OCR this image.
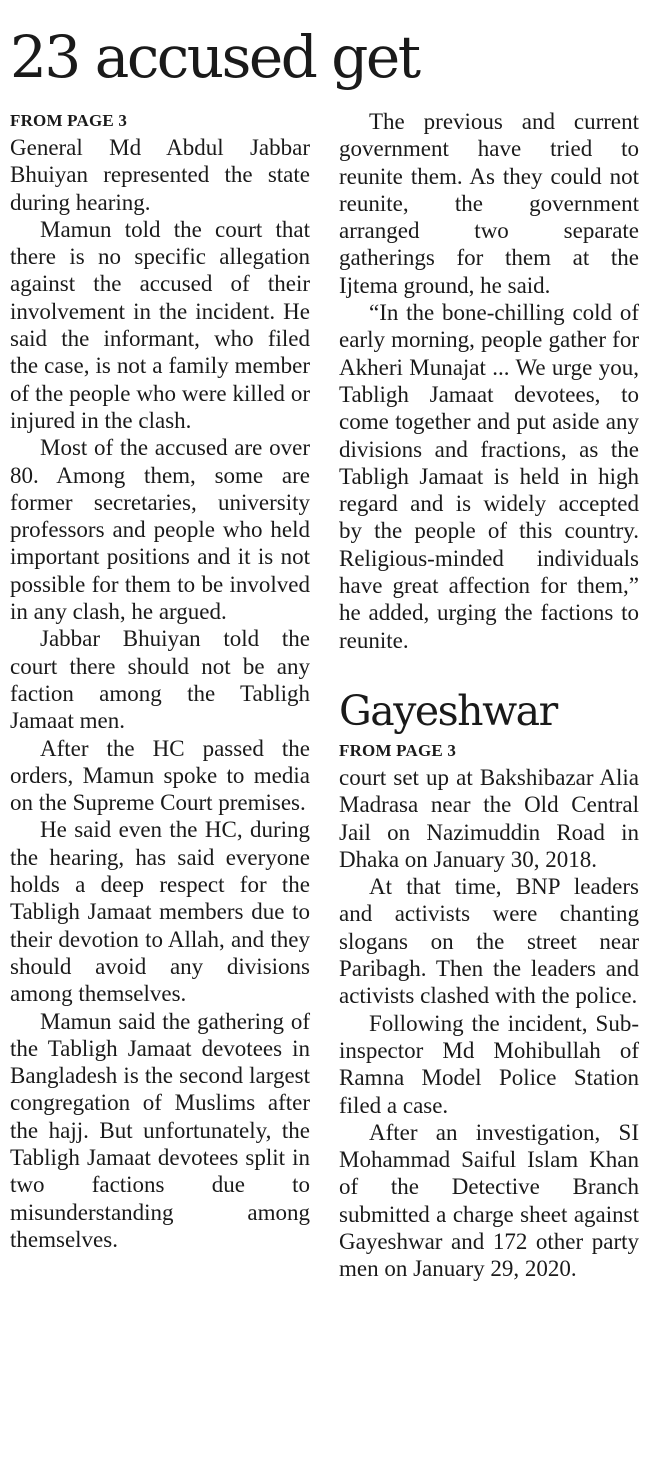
23 accused get
FROM PAGE 3

General Md Abdul Jabbar Bhuiyan represented the state during hearing.

Mamun told the court that there is no specific allegation against the accused of their involvement in the incident. He said the informant, who filed the case, is not a family member of the people who were killed or injured in the clash.

Most of the accused are over 80. Among them, some are former secretaries, university professors and people who held important positions and it is not possible for them to be involved in any clash, he argued.

Jabbar Bhuiyan told the court there should not be any faction among the Tabligh Jamaat men.

After the HC passed the orders, Mamun spoke to media on the Supreme Court premises.

He said even the HC, during the hearing, has said everyone holds a deep respect for the Tabligh Jamaat members due to their devotion to Allah, and they should avoid any divisions among themselves.

Mamun said the gathering of the Tabligh Jamaat devotees in Bangladesh is the second largest congregation of Muslims after the hajj. But unfortunately, the Tabligh Jamaat devotees split in two factions due to misunderstanding among themselves.

The previous and current government have tried to reunite them. As they could not reunite, the government arranged two separate gatherings for them at the Ijtema ground, he said.

“In the bone-chilling cold of early morning, people gather for Akheri Munajat ... We urge you, Tabligh Jamaat devotees, to come together and put aside any divisions and fractions, as the Tabligh Jamaat is held in high regard and is widely accepted by the people of this country. Religious-minded individuals have great affection for them,” he added, urging the factions to reunite.

Gayeshwar
FROM PAGE 3

court set up at Bakshibazar Alia Madrasa near the Old Central Jail on Nazimuddin Road in Dhaka on January 30, 2018.

At that time, BNP leaders and activists were chanting slogans on the street near Paribagh. Then the leaders and activists clashed with the police.

Following the incident, Sub-inspector Md Mohibullah of Ramna Model Police Station filed a case.

After an investigation, SI Mohammad Saiful Islam Khan of the Detective Branch submitted a charge sheet against Gayeshwar and 172 other party men on January 29, 2020.
